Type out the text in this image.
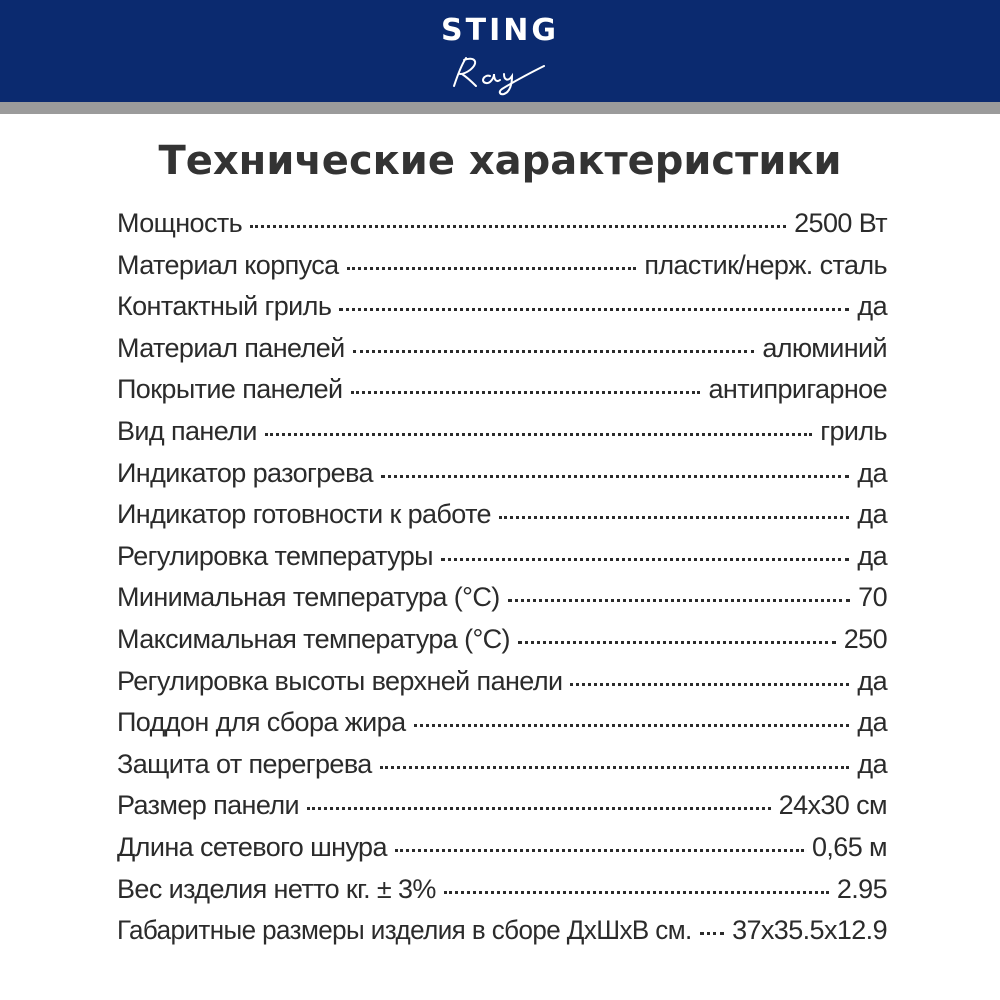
STING
Технические характеристики
Мощность	2500 Вт
Материал корпуса	пластик/нерж. сталь
Контактный гриль	да
Материал панелей	алюминий
Покрытие панелей	антипригарное
Вид панели	гриль
Индикатор разогрева	да
Индикатор готовности к работе	да
Регулировка температуры	да
Минимальная температура (°C)	70
Максимальная температура (°C)	250
Регулировка высоты верхней панели	да
Поддон для сбора жира	да
Защита от перегрева	да
Размер панели	24x30 см
Длина сетевого шнура	0,65 м
Вес изделия нетто кг. ± 3%	2.95
Габаритные размеры изделия в сборе ДхШхВ см. 37x35.5x12.9
